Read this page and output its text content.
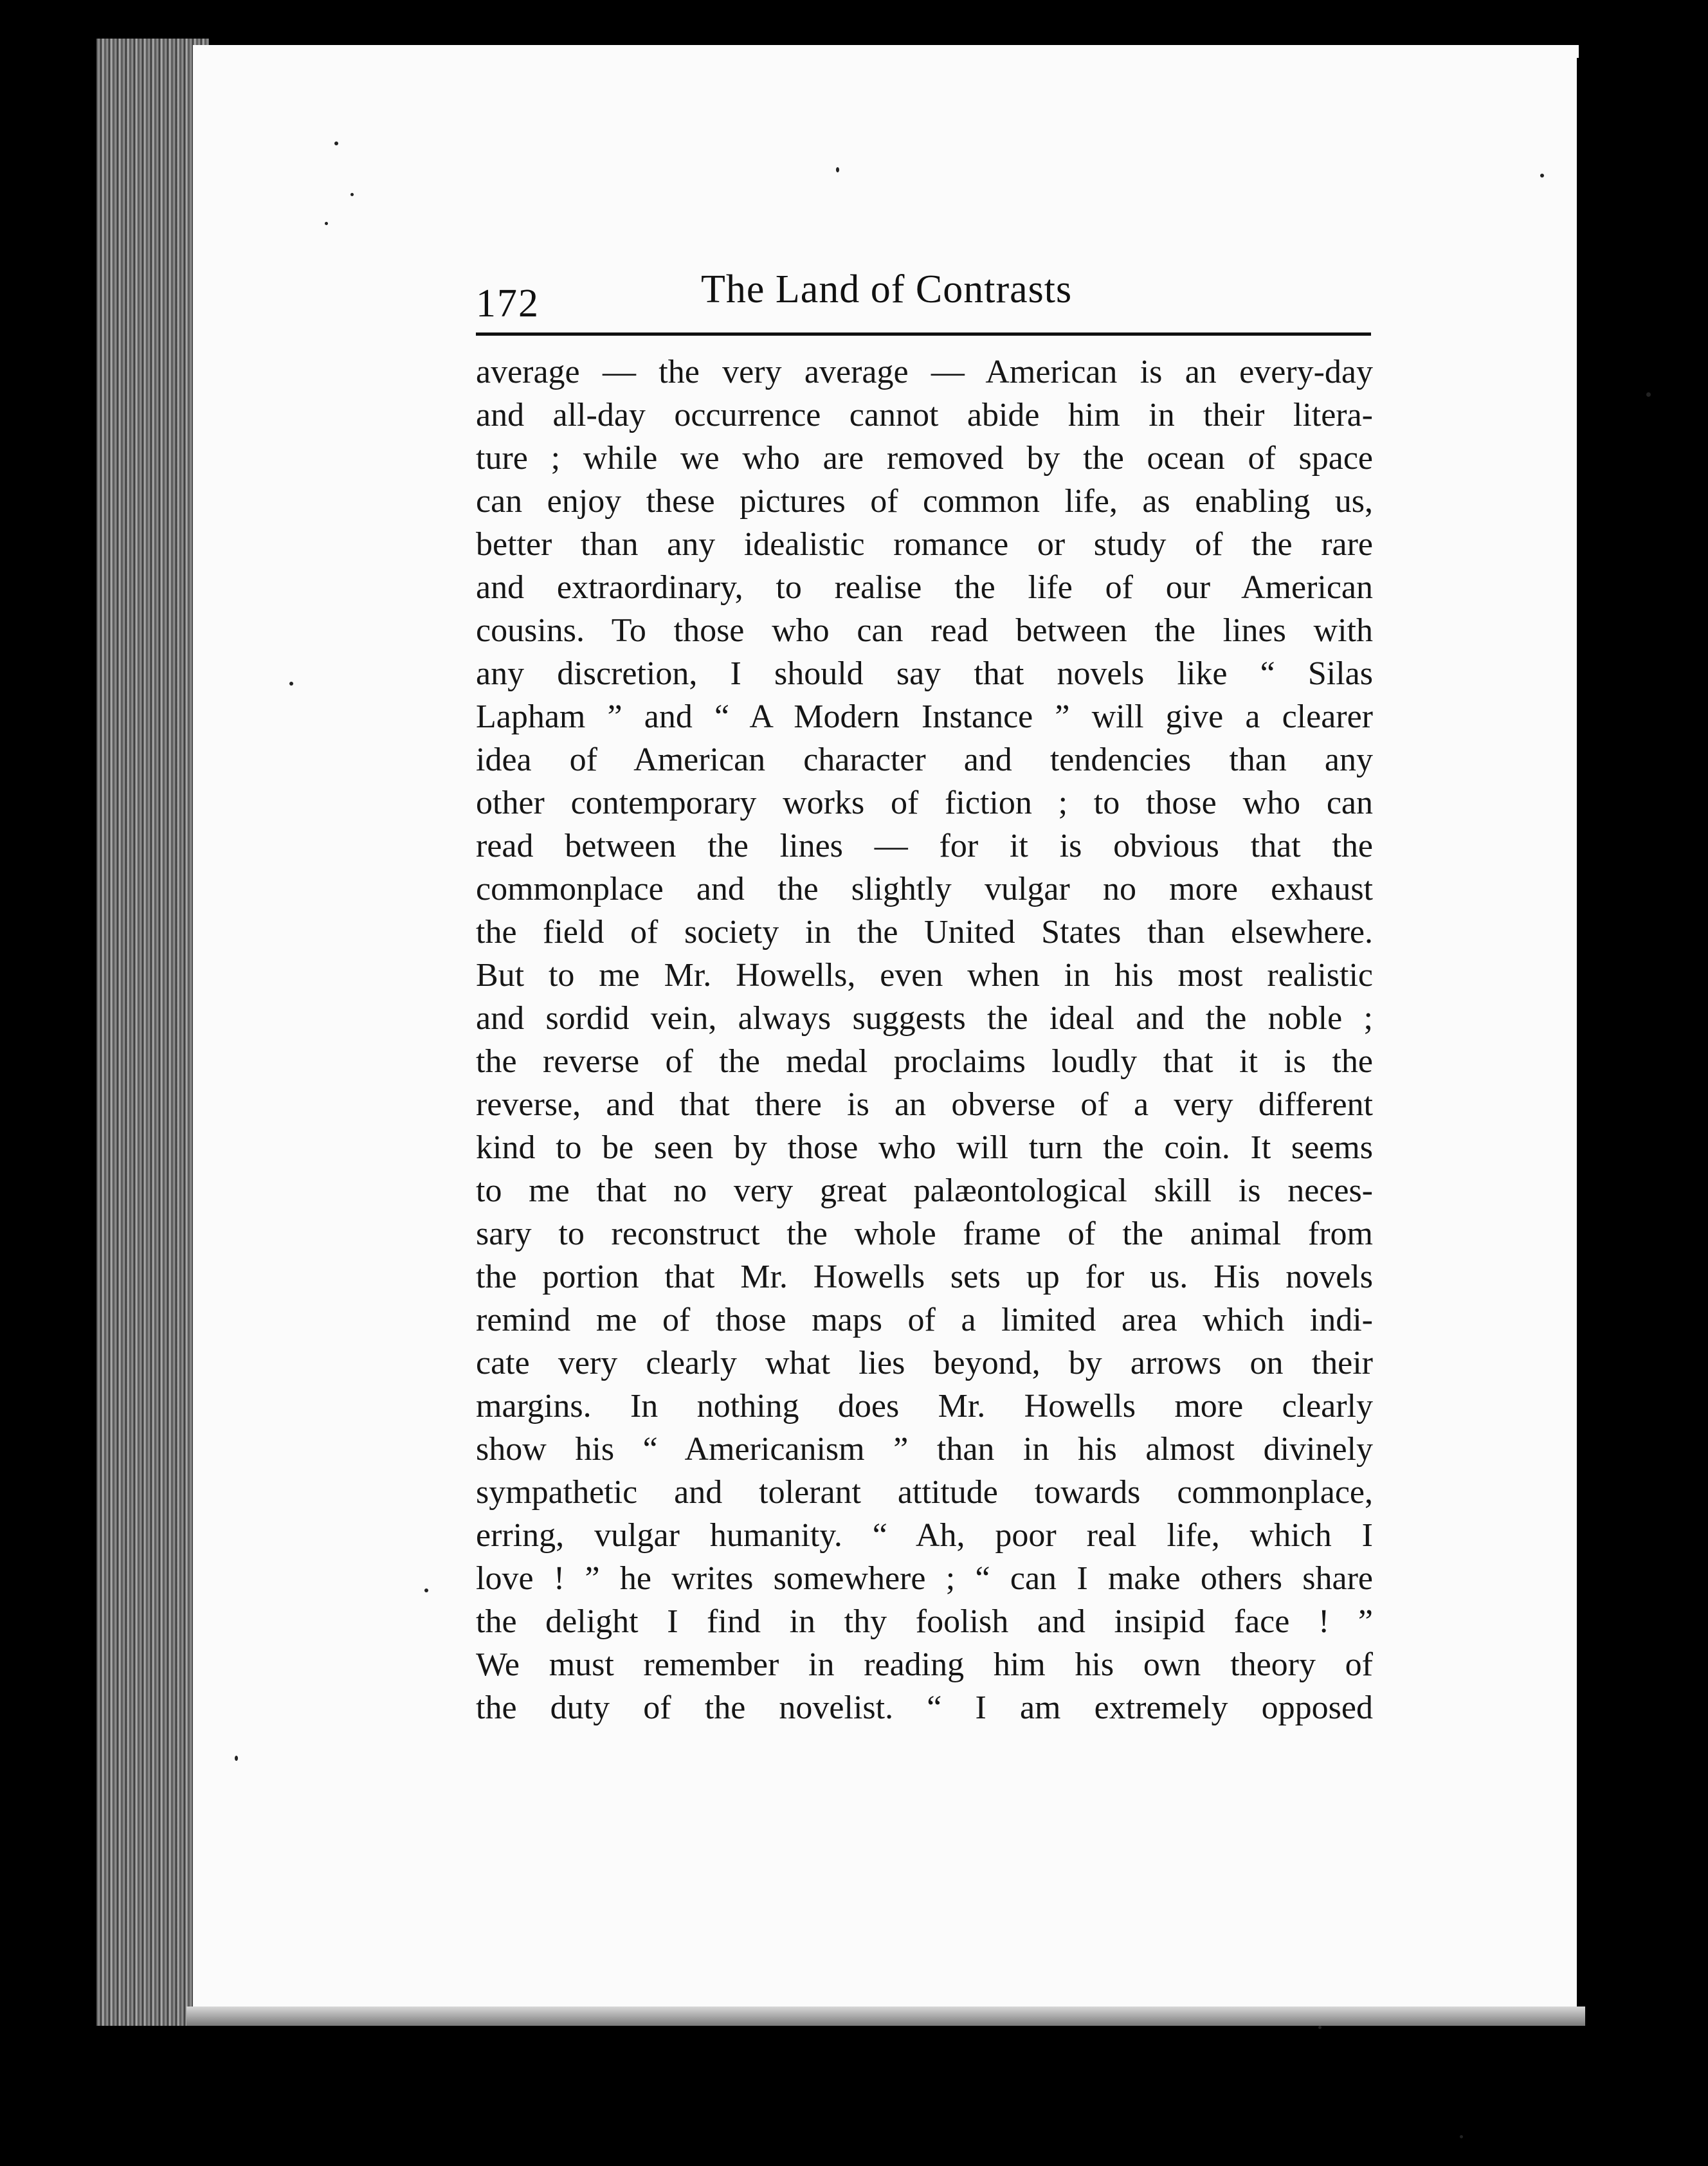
172	The Land of Contrasts
average — the very average — American is an every-day
and all-day occurrence cannot abide him in their litera-
ture ; while we who are removed by the ocean of space
can enjoy these pictures of common life, as enabling us,
better than any idealistic romance or study of the rare
and extraordinary, to realise the life of our American
cousins. To those who can read between the lines with
any discretion, I should say that novels like “ Silas
Lapham ” and “ A Modern Instance ” will give a clearer
idea of American character and tendencies than any
other contemporary works of fiction ; to those who can
read between the lines — for it is obvious that the
commonplace and the slightly vulgar no more exhaust
the field of society in the United States than elsewhere.
But to me Mr. Howells, even when in his most realistic
and sordid vein, always suggests the ideal and the noble ;
the reverse of the medal proclaims loudly that it is the
reverse, and that there is an obverse of a very different
kind to be seen by those who will turn the coin. It seems
to me that no very great palæontological skill is neces-
sary to reconstruct the whole frame of the animal from
the portion that Mr. Howells sets up for us. His novels
remind me of those maps of a limited area which indi-
cate very clearly what lies beyond, by arrows on their
margins. In nothing does Mr. Howells more clearly
show his “ Americanism ” than in his almost divinely
sympathetic and tolerant attitude towards commonplace,
erring, vulgar humanity. “ Ah, poor real life, which I
love ! ” he writes somewhere ; “ can I make others share
the delight I find in thy foolish and insipid face ! ”
We must remember in reading him his own theory of
the duty of the novelist. “ I am extremely opposed
